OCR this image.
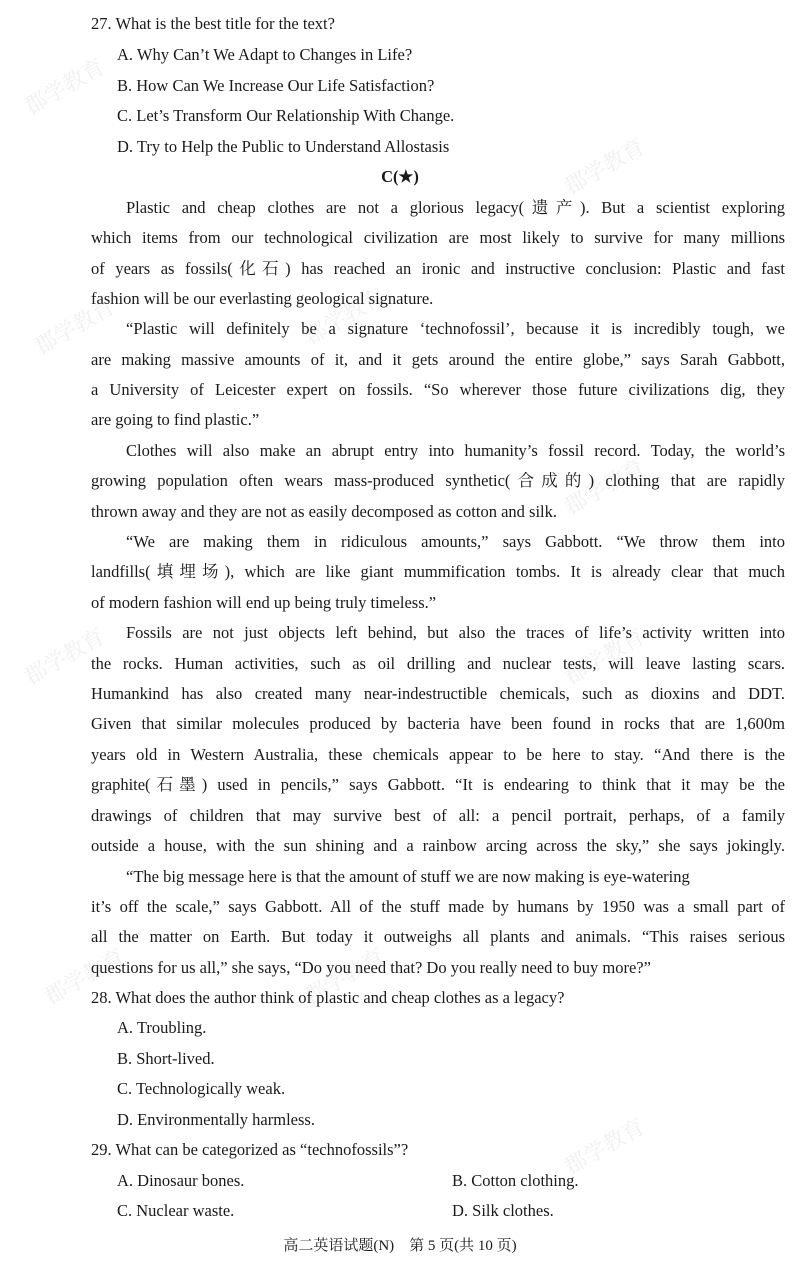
郡学教育
郡学教育
郡学教育	郡学教育
郡学教育
郡学教育	郡学教育
郡学教育	郡学教育
郡学教育
27. What is the best title for the text?
A. Why Can’t We Adapt to Changes in Life?
B. How Can We Increase Our Life Satisfaction?
C. Let’s Transform Our Relationship With Change.
D. Try to Help the Public to Understand Allostasis
C(★)
Plastic and cheap clothes are not a glorious legacy(遗产). But a scientist exploring
which items from our technological civilization are most likely to survive for many millions
of years as fossils(化石) has reached an ironic and instructive conclusion: Plastic and fast
fashion will be our everlasting geological signature.
“Plastic will definitely be a signature ‘technofossil’, because it is incredibly tough, we
are making massive amounts of it, and it gets around the entire globe,” says Sarah Gabbott,
a University of Leicester expert on fossils. “So wherever those future civilizations dig, they
are going to find plastic.”
Clothes will also make an abrupt entry into humanity’s fossil record. Today, the world’s
growing population often wears mass-produced synthetic(合成的) clothing that are rapidly
thrown away and they are not as easily decomposed as cotton and silk.
“We are making them in ridiculous amounts,” says Gabbott. “We throw them into
landfills(填埋场), which are like giant mummification tombs. It is already clear that much
of modern fashion will end up being truly timeless.”
Fossils are not just objects left behind, but also the traces of life’s activity written into
the rocks. Human activities, such as oil drilling and nuclear tests, will leave lasting scars.
Humankind has also created many near-indestructible chemicals, such as dioxins and DDT.
Given that similar molecules produced by bacteria have been found in rocks that are 1,600m
years old in Western Australia, these chemicals appear to be here to stay. “And there is the
graphite(石墨) used in pencils,” says Gabbott. “It is endearing to think that it may be the
drawings of children that may survive best of all: a pencil portrait, perhaps, of a family
outside a house, with the sun shining and a rainbow arcing across the sky,” she says jokingly.
“The big message here is that the amount of stuff we are now making is eye-watering
it’s off the scale,” says Gabbott. All of the stuff made by humans by 1950 was a small part of
all the matter on Earth. But today it outweighs all plants and animals. “This raises serious
questions for us all,” she says, “Do you need that? Do you really need to buy more?”
28. What does the author think of plastic and cheap clothes as a legacy?
A. Troubling.
B. Short-lived.
C. Technologically weak.
D. Environmentally harmless.
29. What can be categorized as “technofossils”?
A. Dinosaur bones.	B. Cotton clothing.
C. Nuclear waste.	D. Silk clothes.
高二英语试题(N)　第 5 页(共 10 页)
